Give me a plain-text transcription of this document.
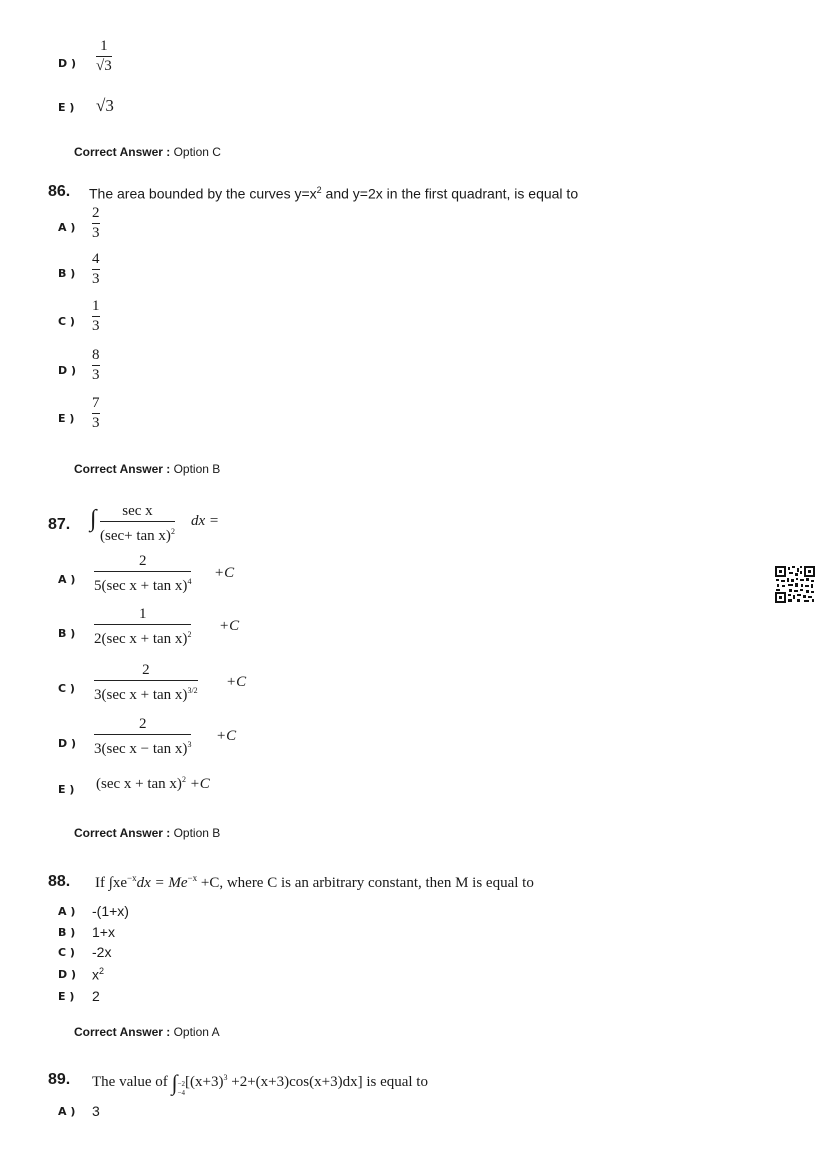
D )
1
√3
E ) √3
Correct Answer : Option C
86. The area bounded by the curves $y=x^2$ and y=2x in the first quadrant, is equal to
A )
2
3
B )
4
3
C )
1
3
D )
8
3
E )
7
3
Correct Answer : Option B
87. ∫ sec x
$(\sec+ \tan x)^2$
dx =
A )
2
5(sec x + tan x)$^4$
+C
B )
1
2(sec x + tan x)$^2$
+C
C )
2
3(sec x + tan x)$^{3/2}$
+C
D )
2
3(sec x − tan x)$^3$
+C
E ) (sec x + tan x)$^2$ +C
Correct Answer : Option B
88. If $\int xe^{-x}dx = Me^{-x} +C$, where C is an arbitrary constant, then M is equal to
A ) -(1+x)
B ) 1+x
C ) -2x
D ) $x^2$
E ) 2
Correct Answer : Option A
89. The value of ∫ −2
−4
$[(x+3)^3 +2+(x+3)\cos(x+3)dx]$ is equal to
A ) 3
